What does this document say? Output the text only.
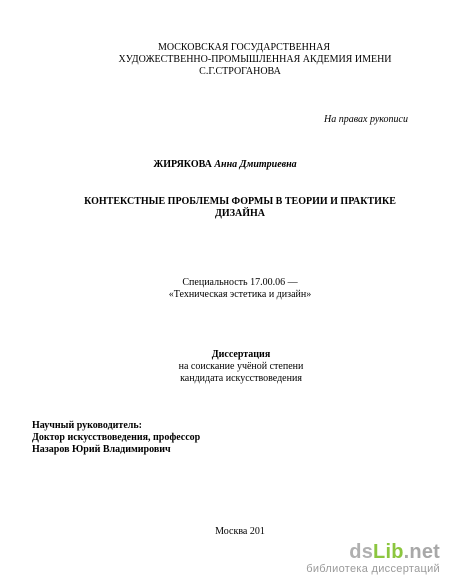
МОСКОВСКАЯ ГОСУДАРСТВЕННАЯ
ХУДОЖЕСТВЕННО-ПРОМЫШЛЕННАЯ АКДЕМИЯ ИМЕНИ
С.Г.СТРОГАНОВА
На правах рукописи
ЖИРЯКОВА Анна Дмитриевна
КОНТЕКСТНЫЕ ПРОБЛЕМЫ ФОРМЫ В ТЕОРИИ И ПРАКТИКЕ
ДИЗАЙНА
Специальность 17.00.06 —
«Техническая эстетика и дизайн»
Диссертация
на соискание учёной степени
кандидата искусствоведения
Научный руководитель:
Доктор искусствоведения, профессор
Назаров Юрий Владимирович
Москва 201
dsLib.net
библиотека диссертаций
